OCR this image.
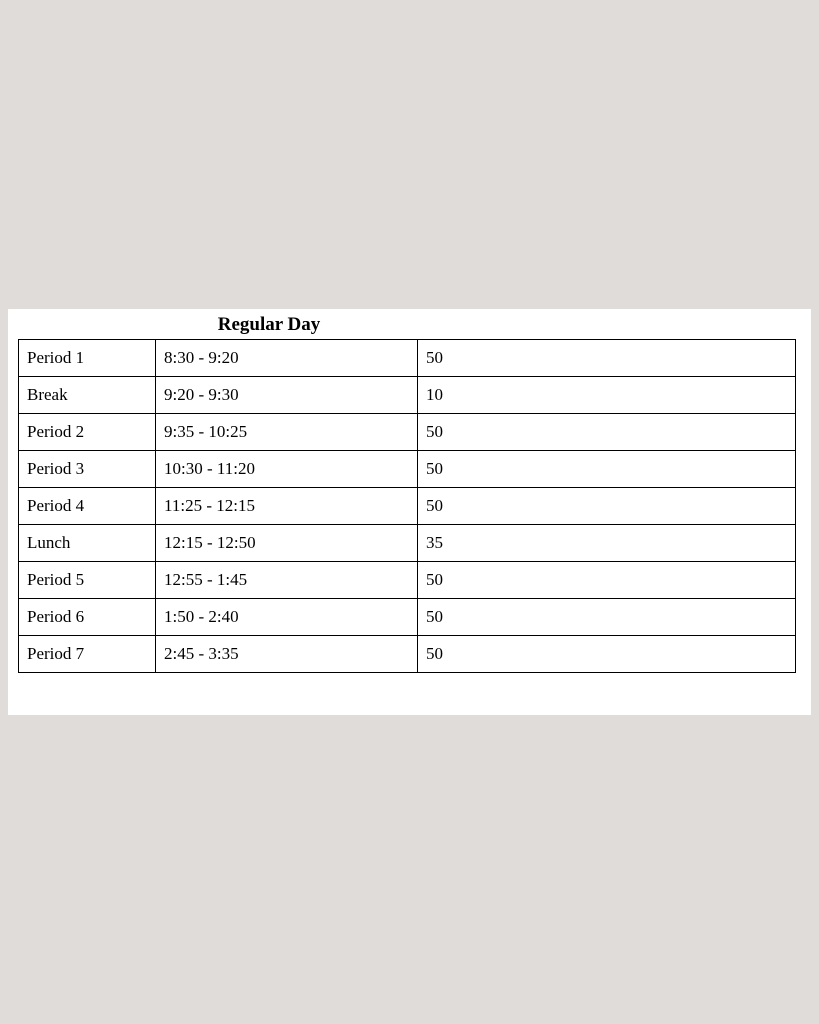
Regular Day
Period 1	8:30 - 9:20	50
Break	9:20 - 9:30	10
Period 2	9:35 - 10:25	50
Period 3	10:30 - 11:20	50
Period 4	11:25 - 12:15	50
Lunch	12:15 - 12:50	35
Period 5	12:55 - 1:45	50
Period 6	1:50 - 2:40	50
Period 7	2:45 - 3:35	50
